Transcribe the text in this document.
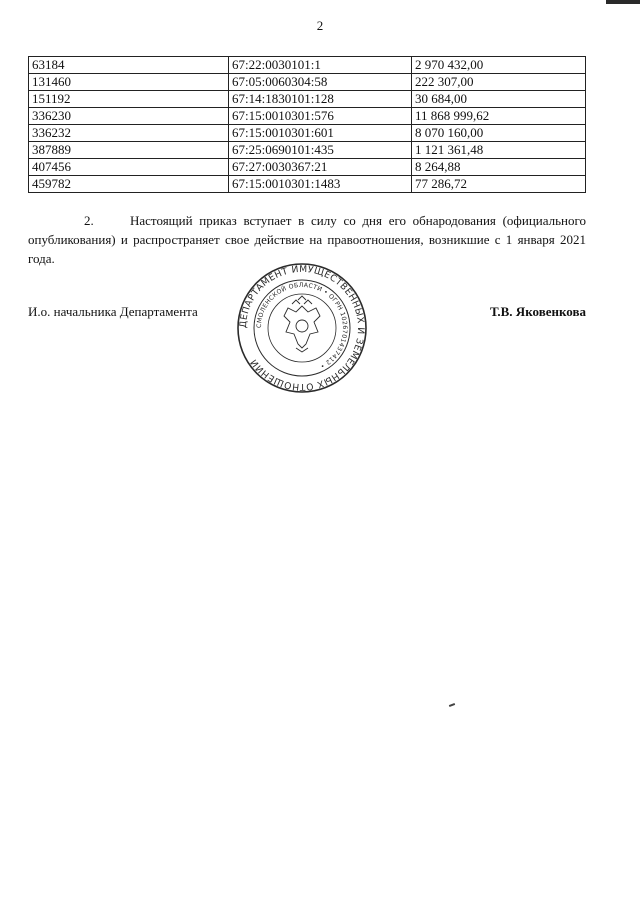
2
63184	67:22:0030101:1	2 970 432,00
131460	67:05:0060304:58	222 307,00
151192	67:14:1830101:128	30 684,00
336230	67:15:0010301:576	11 868 999,62
336232	67:15:0010301:601	8 070 160,00
387889	67:25:0690101:435	1 121 361,48
407456	67:27:0030367:21	8 264,88
459782	67:15:0010301:1483	77 286,72
2.	Настоящий приказ вступает в силу со дня его обнародования (официального опубликования) и распространяет свое действие на правоотношения, возникшие с 1 января 2021 года.
И.о. начальника Департамента	Т.В. Яковенкова
ДЕПАРТАМЕНТ ИМУЩЕСТВЕННЫХ И ЗЕМЕЛЬНЫХ ОТНОШЕНИЙ
СМОЛЕНСКОЙ ОБЛАСТИ • ОГРН 1026701437412 •
